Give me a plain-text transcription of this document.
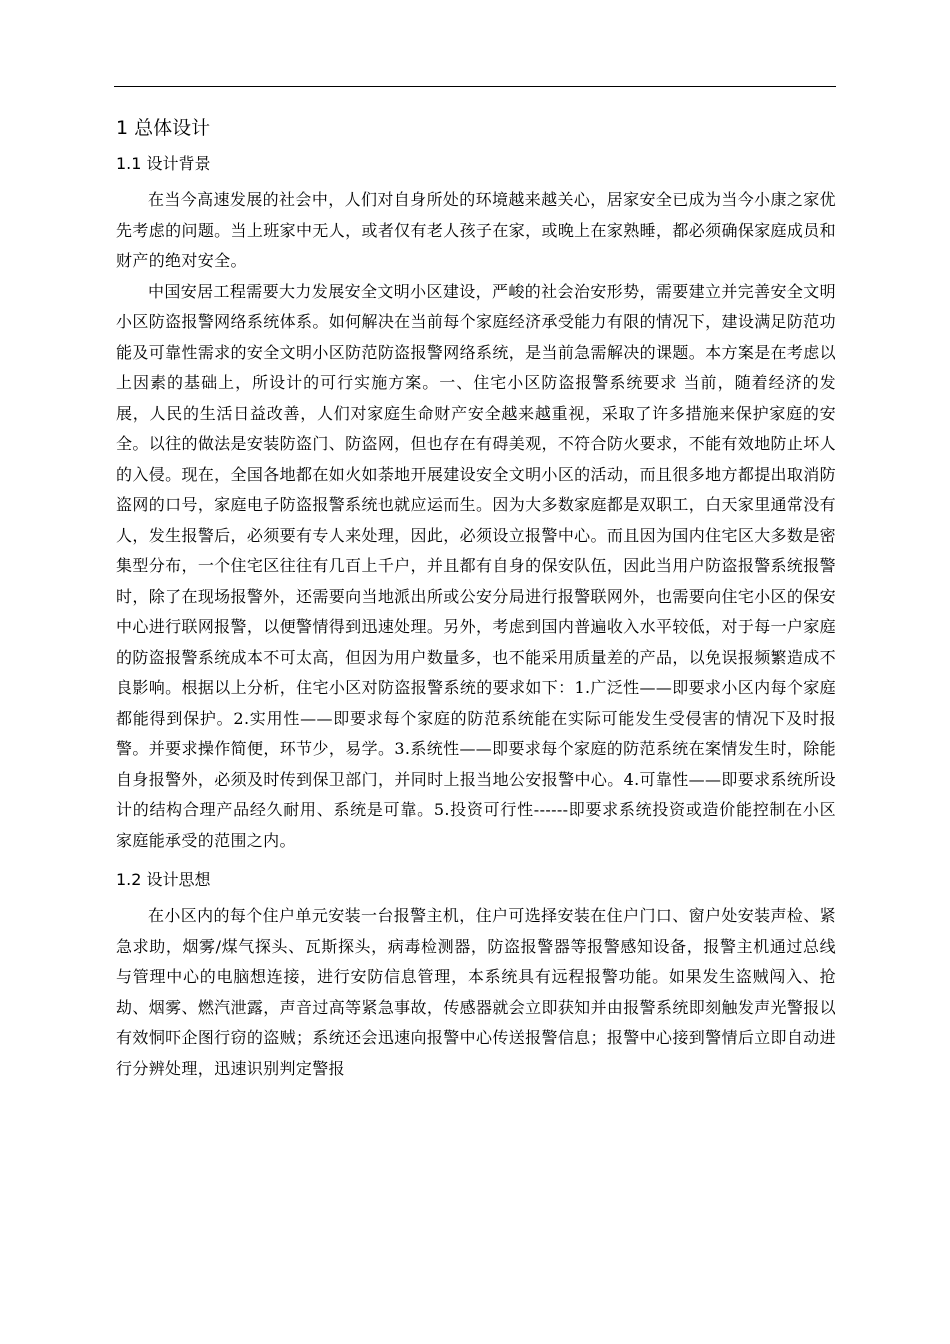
1 总体设计
1.1 设计背景

在当今高速发展的社会中，人们对自身所处的环境越来越关心，居家安全已成为当今小康之家优先考虑的问题。当上班家中无人，或者仅有老人孩子在家，或晚上在家熟睡，都必须确保家庭成员和财产的绝对安全。

中国安居工程需要大力发展安全文明小区建设，严峻的社会治安形势，需要建立并完善安全文明小区防盗报警网络系统体系。如何解决在当前每个家庭经济承受能力有限的情况下，建设满足防范功能及可靠性需求的安全文明小区防范防盗报警网络系统，是当前急需解决的课题。本方案是在考虑以上因素的基础上，所设计的可行实施方案。一、住宅小区防盗报警系统要求 当前，随着经济的发展，人民的生活日益改善，人们对家庭生命财产安全越来越重视，采取了许多措施来保护家庭的安全。以往的做法是安装防盗门、防盗网，但也存在有碍美观，不符合防火要求，不能有效地防止坏人的入侵。现在，全国各地都在如火如荼地开展建设安全文明小区的活动，而且很多地方都提出取消防盗网的口号，家庭电子防盗报警系统也就应运而生。因为大多数家庭都是双职工，白天家里通常没有人，发生报警后，必须要有专人来处理，因此，必须设立报警中心。而且因为国内住宅区大多数是密集型分布，一个住宅区往往有几百上千户，并且都有自身的保安队伍，因此当用户防盗报警系统报警时，除了在现场报警外，还需要向当地派出所或公安分局进行报警联网外，也需要向住宅小区的保安中心进行联网报警，以便警情得到迅速处理。另外，考虑到国内普遍收入水平较低，对于每一户家庭的防盗报警系统成本不可太高，但因为用户数量多，也不能采用质量差的产品，以免误报频繁造成不良影响。根据以上分析，住宅小区对防盗报警系统的要求如下：1.广泛性——即要求小区内每个家庭都能得到保护。2.实用性——即要求每个家庭的防范系统能在实际可能发生受侵害的情况下及时报警。并要求操作简便，环节少，易学。3.系统性——即要求每个家庭的防范系统在案情发生时，除能自身报警外，必须及时传到保卫部门，并同时上报当地公安报警中心。4.可靠性——即要求系统所设计的结构合理产品经久耐用、系统是可靠。5.投资可行性------即要求系统投资或造价能控制在小区家庭能承受的范围之内。

1.2 设计思想

在小区内的每个住户单元安装一台报警主机，住户可选择安装在住户门口、窗户处安装声检、紧急求助，烟雾/煤气探头、瓦斯探头，病毒检测器，防盗报警器等报警感知设备，报警主机通过总线与管理中心的电脑想连接，进行安防信息管理，本系统具有远程报警功能。如果发生盗贼闯入、抢劫、烟雾、燃汽泄露，声音过高等紧急事故，传感器就会立即获知并由报警系统即刻触发声光警报以有效恫吓企图行窃的盗贼；系统还会迅速向报警中心传送报警信息；报警中心接到警情后立即自动进行分辨处理，迅速识别判定警报
